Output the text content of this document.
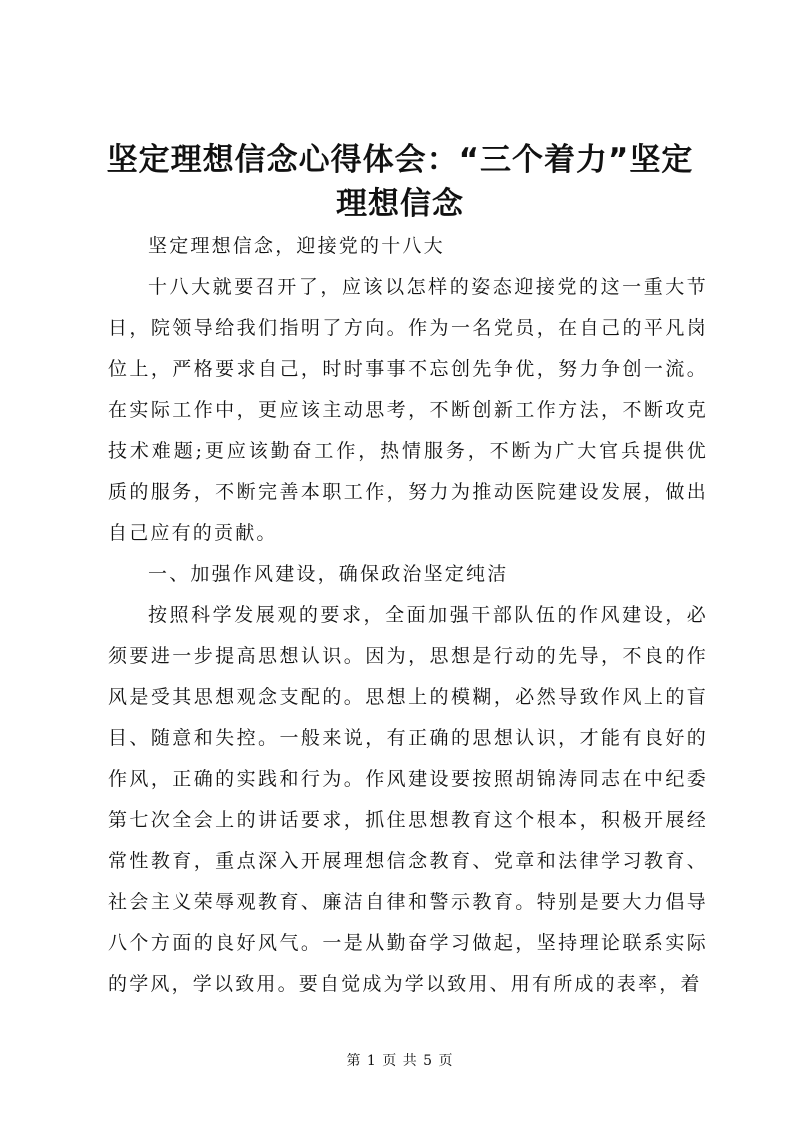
坚定理想信念心得体会：“三个着力”坚定理想信念

坚定理想信念，迎接党的十八大

十八大就要召开了，应该以怎样的姿态迎接党的这一重大节日，院领导给我们指明了方向。作为一名党员，在自己的平凡岗位上，严格要求自己，时时事事不忘创先争优，努力争创一流。在实际工作中，更应该主动思考，不断创新工作方法，不断攻克技术难题;更应该勤奋工作，热情服务，不断为广大官兵提供优质的服务，不断完善本职工作，努力为推动医院建设发展，做出自己应有的贡献。

一、加强作风建设，确保政治坚定纯洁

按照科学发展观的要求，全面加强干部队伍的作风建设，必须要进一步提高思想认识。因为，思想是行动的先导，不良的作风是受其思想观念支配的。思想上的模糊，必然导致作风上的盲目、随意和失控。一般来说，有正确的思想认识，才能有良好的作风，正确的实践和行为。作风建设要按照胡锦涛同志在中纪委第七次全会上的讲话要求，抓住思想教育这个根本，积极开展经常性教育，重点深入开展理想信念教育、党章和法律学习教育、社会主义荣辱观教育、廉洁自律和警示教育。特别是要大力倡导八个方面的良好风气。一是从勤奋学习做起，坚持理论联系实际的学风，学以致用。要自觉成为学以致用、用有所成的表率，着

第 1 页 共 5 页
